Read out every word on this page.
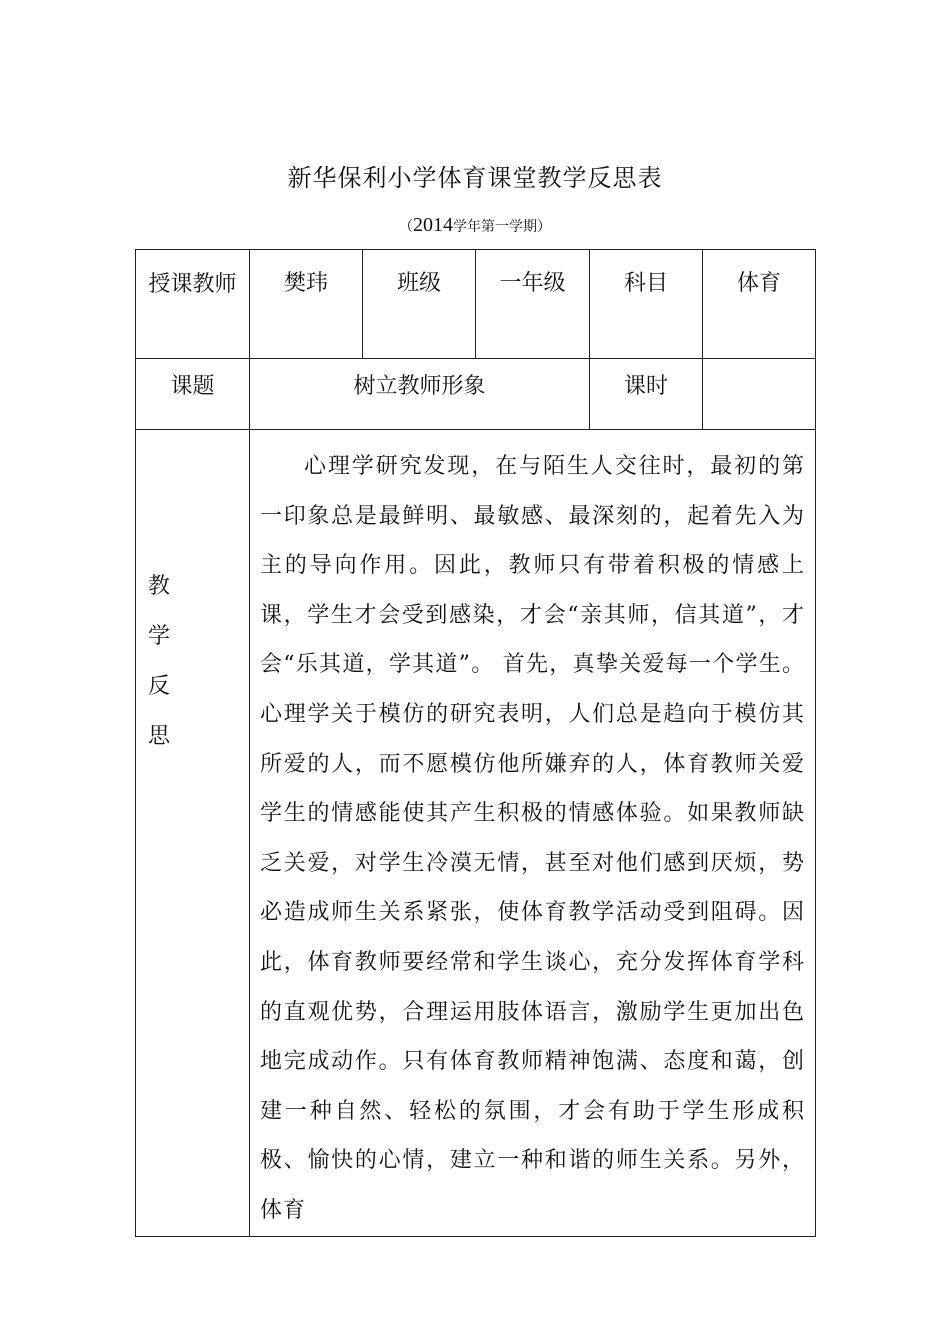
新华保利小学体育课堂教学反思表
（2014学年第一学期）
授课教师	樊玮	班级	一年级	科目	体育
课题	树立教师形象			课时	

教学反思	心理学研究发现，在与陌生人交往时，最初的第一印象总是最鲜明、最敏感、最深刻的，起着先入为主的导向作用。因此，教师只有带着积极的情感上课，学生才会受到感染，才会“亲其师，信其道”，才会“乐其道，学其道”。 首先，真挚关爱每一个学生。心理学关于模仿的研究表明，人们总是趋向于模仿其所爱的人，而不愿模仿他所嫌弃的人，体育教师关爱学生的情感能使其产生积极的情感体验。如果教师缺乏关爱，对学生冷漠无情，甚至对他们感到厌烦，势必造成师生关系紧张，使体育教学活动受到阻碍。因此，体育教师要经常和学生谈心，充分发挥体育学科的直观优势，合理运用肢体语言，激励学生更加出色地完成动作。只有体育教师精神饱满、态度和蔼，创建一种自然、轻松的氛围，才会有助于学生形成积极、愉快的心情，建立一种和谐的师生关系。另外，体育				
